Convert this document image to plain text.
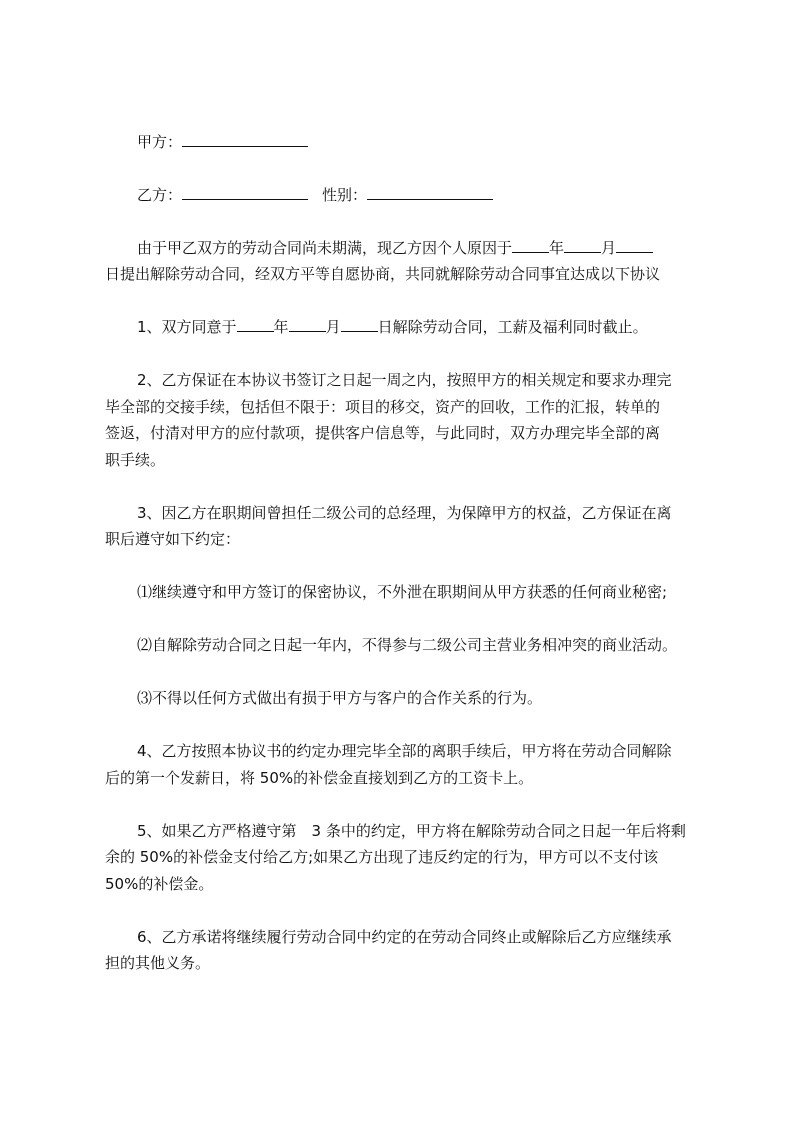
甲方：

乙方：	性别：

由于甲乙双方的劳动合同尚未期满，现乙方因个人原因于 年 月

日提出解除劳动合同，经双方平等自愿协商，共同就解除劳动合同事宜达成以下协议

1、双方同意于 年 月 日解除劳动合同，工薪及福利同时截止。

2、乙方保证在本协议书签订之日起一周之内，按照甲方的相关规定和要求办理完

毕全部的交接手续，包括但不限于：项目的移交，资产的回收，工作的汇报，转单的

签返，付清对甲方的应付款项，提供客户信息等，与此同时，双方办理完毕全部的离

职手续。

3、因乙方在职期间曾担任二级公司的总经理，为保障甲方的权益，乙方保证在离

职后遵守如下约定：

⑴继续遵守和甲方签订的保密协议，不外泄在职期间从甲方获悉的任何商业秘密;

⑵自解除劳动合同之日起一年内，不得参与二级公司主营业务相冲突的商业活动。

⑶不得以任何方式做出有损于甲方与客户的合作关系的行为。

4、乙方按照本协议书的约定办理完毕全部的离职手续后，甲方将在劳动合同解除

后的第一个发薪日，将 50%的补偿金直接划到乙方的工资卡上。

5、如果乙方严格遵守第　3 条中的约定，甲方将在解除劳动合同之日起一年后将剩

余的 50%的补偿金支付给乙方;如果乙方出现了违反约定的行为，甲方可以不支付该

50%的补偿金。

6、乙方承诺将继续履行劳动合同中约定的在劳动合同终止或解除后乙方应继续承

担的其他义务。
